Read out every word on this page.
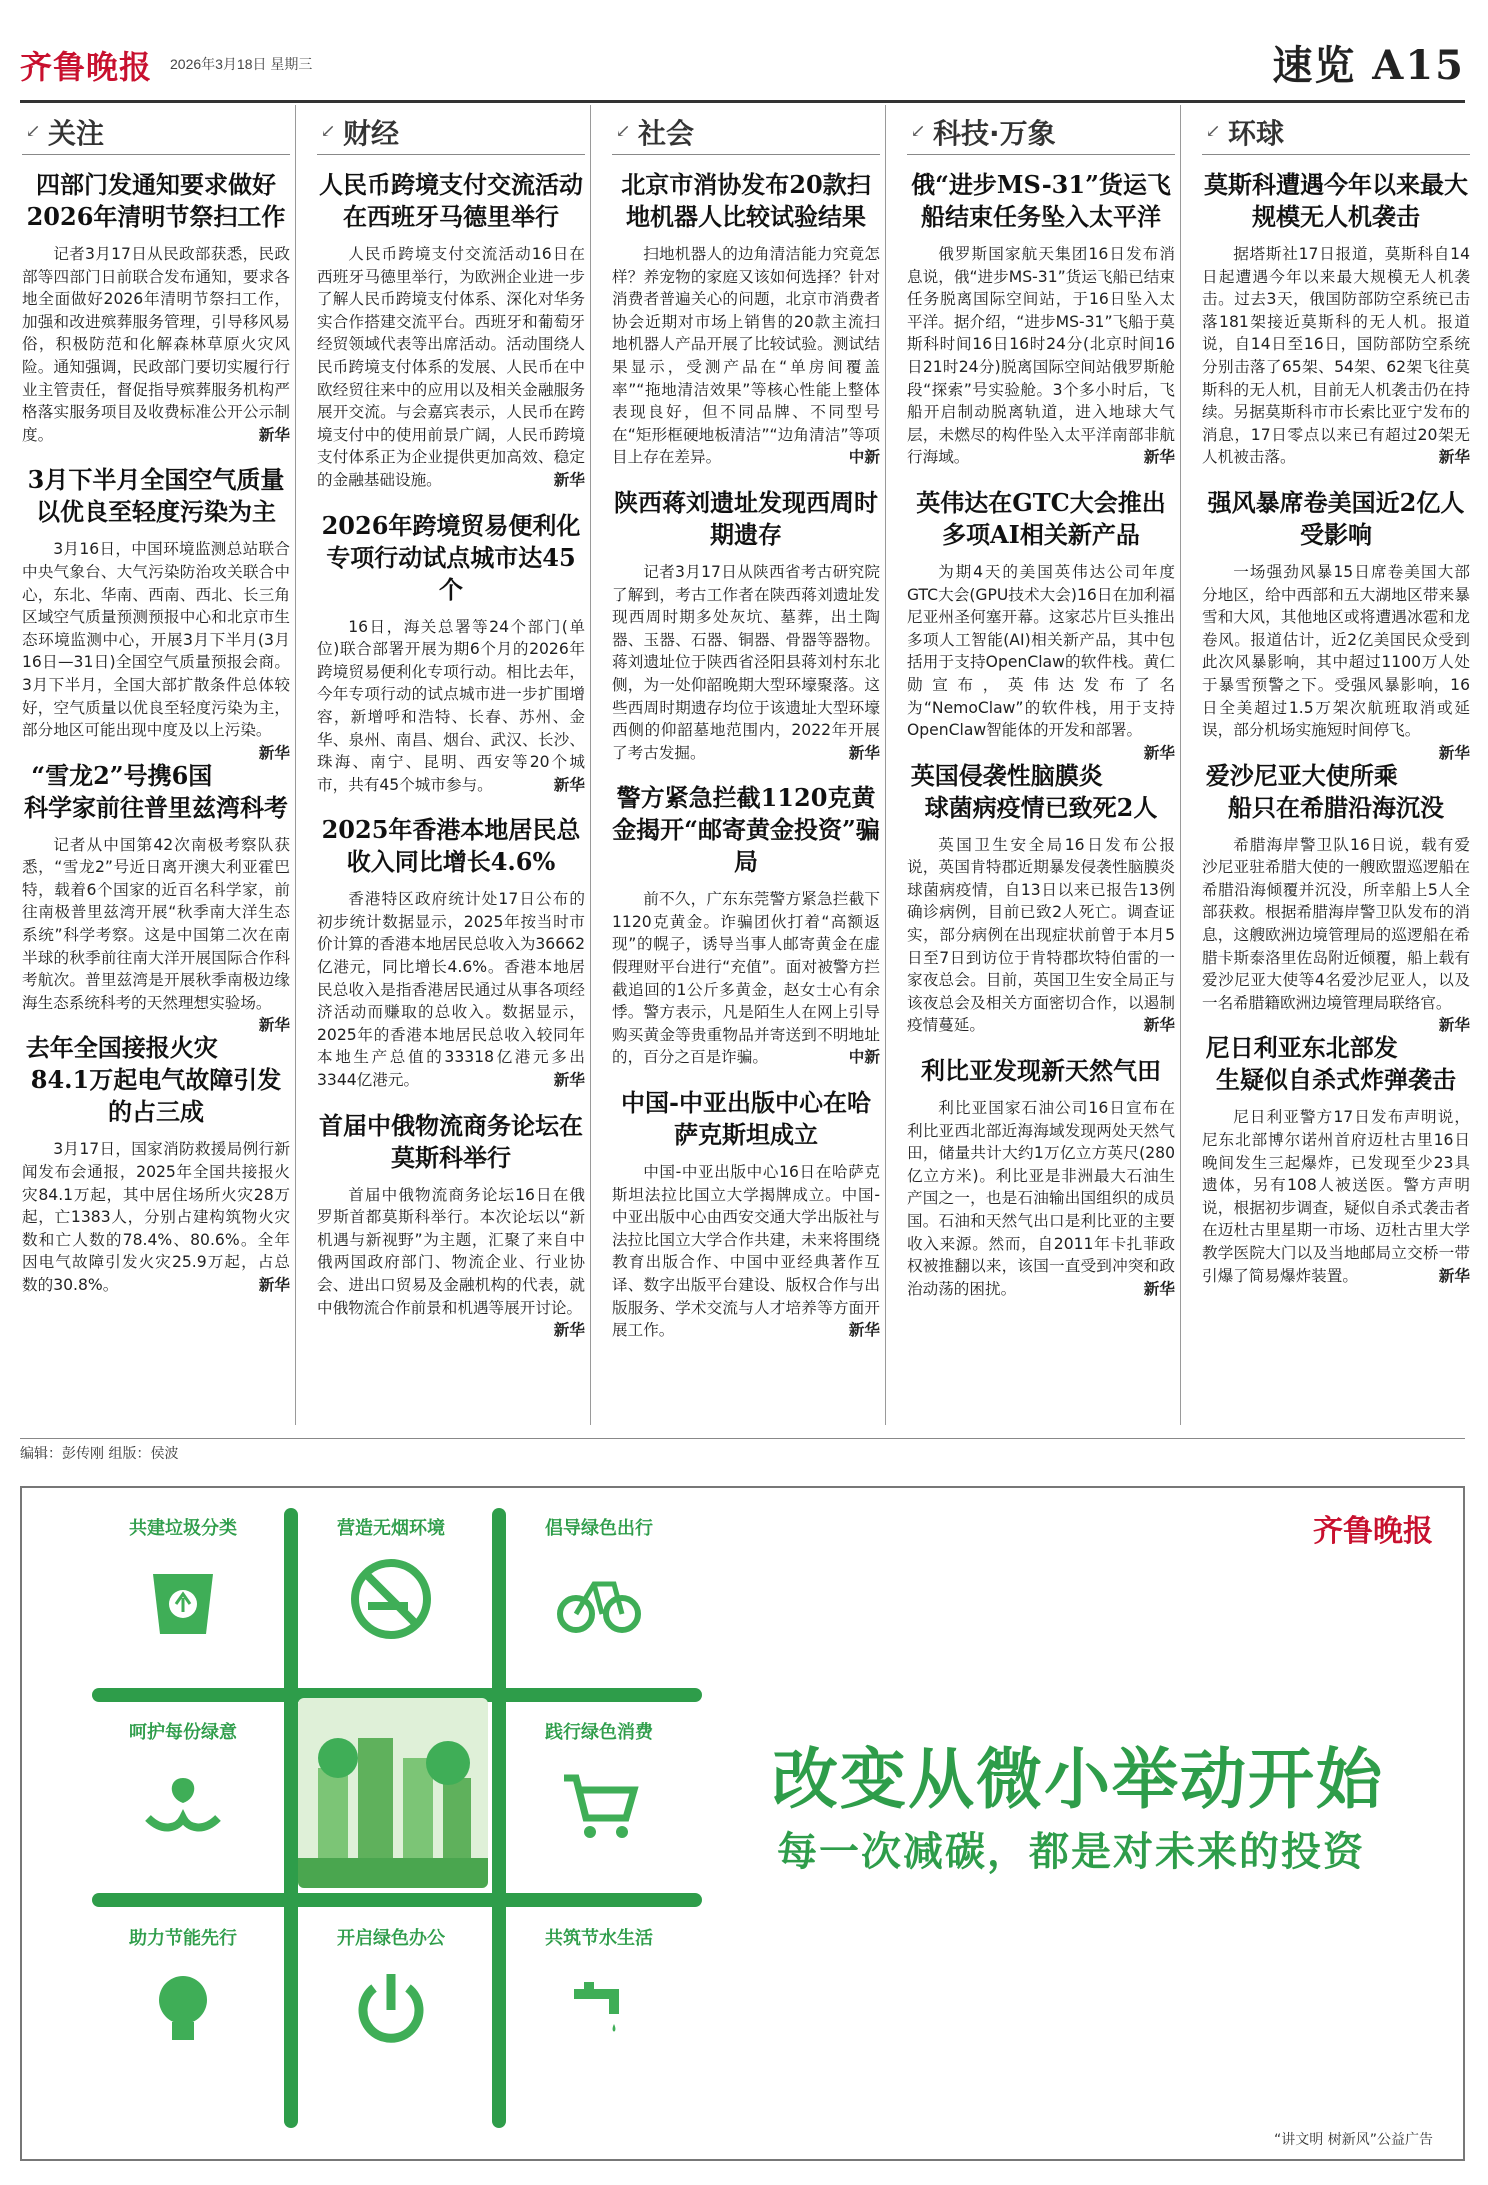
齐鲁晚报 2026年3月18日 星期三	速览 A15
↓ 关注
四部门发通知要求做好2026年清明节祭扫工作

记者3月17日从民政部获悉，民政部等四部门日前联合发布通知，要求各地全面做好2026年清明节祭扫工作，加强和改进殡葬服务管理，引导移风易俗，积极防范和化解森林草原火灾风险。通知强调，民政部门要切实履行行业主管责任，督促指导殡葬服务机构严格落实服务项目及收费标准公开公示制度。	新华

3月下半月全国空气质量以优良至轻度污染为主

3月16日，中国环境监测总站联合中央气象台、大气污染防治攻关联合中心，东北、华南、西南、西北、长三角区域空气质量预测预报中心和北京市生态环境监测中心，开展3月下半月(3月16日—31日)全国空气质量预报会商。3月下半月，全国大部扩散条件总体较好，空气质量以优良至轻度污染为主，部分地区可能出现中度及以上污染。
新华

“雪龙2”号携6国科学家前往普里兹湾科考

记者从中国第42次南极考察队获悉，“雪龙2”号近日离开澳大利亚霍巴特，载着6个国家的近百名科学家，前往南极普里兹湾开展“秋季南大洋生态系统”科学考察。这是中国第二次在南半球的秋季前往南大洋开展国际合作科考航次。普里兹湾是开展秋季南极边缘海生态系统科考的天然理想实验场。
新华

去年全国接报火灾84.1万起电气故障引发的占三成

3月17日，国家消防救援局例行新闻发布会通报，2025年全国共接报火灾84.1万起，其中居住场所火灾28万起，亡1383人，分别占建构筑物火灾数和亡人数的78.4%、80.6%。全年因电气故障引发火灾25.9万起，占总数的30.8%。	新华

↓ 财经
人民币跨境支付交流活动在西班牙马德里举行

人民币跨境支付交流活动16日在西班牙马德里举行，为欧洲企业进一步了解人民币跨境支付体系、深化对华务实合作搭建交流平台。西班牙和葡萄牙经贸领域代表等出席活动。活动围绕人民币跨境支付体系的发展、人民币在中欧经贸往来中的应用以及相关金融服务展开交流。与会嘉宾表示，人民币在跨境支付中的使用前景广阔，人民币跨境支付体系正为企业提供更加高效、稳定的金融基础设施。	新华

2026年跨境贸易便利化专项行动试点城市达45个

16日，海关总署等24个部门(单位)联合部署开展为期6个月的2026年跨境贸易便利化专项行动。相比去年，今年专项行动的试点城市进一步扩围增容，新增呼和浩特、长春、苏州、金华、泉州、南昌、烟台、武汉、长沙、珠海、南宁、昆明、西安等20个城市，共有45个城市参与。	新华

2025年香港本地居民总收入同比增长4.6%

香港特区政府统计处17日公布的初步统计数据显示，2025年按当时市价计算的香港本地居民总收入为36662亿港元，同比增长4.6%。香港本地居民总收入是指香港居民通过从事各项经济活动而赚取的总收入。数据显示，2025年的香港本地居民总收入较同年本地生产总值的33318亿港元多出3344亿港元。	新华

首届中俄物流商务论坛在莫斯科举行

首届中俄物流商务论坛16日在俄罗斯首都莫斯科举行。本次论坛以“新机遇与新视野”为主题，汇聚了来自中俄两国政府部门、物流企业、行业协会、进出口贸易及金融机构的代表，就中俄物流合作前景和机遇等展开讨论。
新华

↓ 社会
北京市消协发布20款扫地机器人比较试验结果

扫地机器人的边角清洁能力究竟怎样？养宠物的家庭又该如何选择？针对消费者普遍关心的问题，北京市消费者协会近期对市场上销售的20款主流扫地机器人产品开展了比较试验。测试结果显示，受测产品在“单房间覆盖率”“拖地清洁效果”等核心性能上整体表现良好，但不同品牌、不同型号在“矩形框硬地板清洁”“边角清洁”等项目上存在差异。	中新

陕西蒋刘遗址发现西周时期遗存

记者3月17日从陕西省考古研究院了解到，考古工作者在陕西蒋刘遗址发现西周时期多处灰坑、墓葬，出土陶器、玉器、石器、铜器、骨器等器物。蒋刘遗址位于陕西省泾阳县蒋刘村东北侧，为一处仰韶晚期大型环壕聚落。这些西周时期遗存均位于该遗址大型环壕西侧的仰韶墓地范围内，2022年开展了考古发掘。	新华

警方紧急拦截1120克黄金揭开“邮寄黄金投资”骗局

前不久，广东东莞警方紧急拦截下1120克黄金。诈骗团伙打着“高额返现”的幌子，诱导当事人邮寄黄金在虚假理财平台进行“充值”。面对被警方拦截追回的1公斤多黄金，赵女士心有余悸。警方表示，凡是陌生人在网上引导购买黄金等贵重物品并寄送到不明地址的，百分之百是诈骗。	中新

中国-中亚出版中心在哈萨克斯坦成立

中国-中亚出版中心16日在哈萨克斯坦法拉比国立大学揭牌成立。中国-中亚出版中心由西安交通大学出版社与法拉比国立大学合作共建，未来将围绕教育出版合作、中国中亚经典著作互译、数字出版平台建设、版权合作与出版服务、学术交流与人才培养等方面开展工作。	新华

↓ 科技·万象
俄“进步MS-31”货运飞船结束任务坠入太平洋

俄罗斯国家航天集团16日发布消息说，俄“进步MS-31”货运飞船已结束任务脱离国际空间站，于16日坠入太平洋。据介绍，“进步MS-31”飞船于莫斯科时间16日16时24分(北京时间16日21时24分)脱离国际空间站俄罗斯舱段“探索”号实验舱。3个多小时后，飞船开启制动脱离轨道，进入地球大气层，未燃尽的构件坠入太平洋南部非航行海域。	新华

英伟达在GTC大会推出多项AI相关新产品

为期4天的美国英伟达公司年度GTC大会(GPU技术大会)16日在加利福尼亚州圣何塞开幕。这家芯片巨头推出多项人工智能(AI)相关新产品，其中包括用于支持OpenClaw的软件栈。黄仁勋宣布，英伟达发布了名为“NemoClaw”的软件栈，用于支持OpenClaw智能体的开发和部署。
新华

英国侵袭性脑膜炎球菌病疫情已致死2人

英国卫生安全局16日发布公报说，英国肯特郡近期暴发侵袭性脑膜炎球菌病疫情，自13日以来已报告13例确诊病例，目前已致2人死亡。调查证实，部分病例在出现症状前曾于本月5日至7日到访位于肯特郡坎特伯雷的一家夜总会。目前，英国卫生安全局正与该夜总会及相关方面密切合作，以遏制疫情蔓延。	新华

利比亚发现新天然气田

利比亚国家石油公司16日宣布在利比亚西北部近海海域发现两处天然气田，储量共计大约1万亿立方英尺(280亿立方米)。利比亚是非洲最大石油生产国之一，也是石油输出国组织的成员国。石油和天然气出口是利比亚的主要收入来源。然而，自2011年卡扎菲政权被推翻以来，该国一直受到冲突和政治动荡的困扰。	新华

↓ 环球
莫斯科遭遇今年以来最大规模无人机袭击

据塔斯社17日报道，莫斯科自14日起遭遇今年以来最大规模无人机袭击。过去3天，俄国防部防空系统已击落181架接近莫斯科的无人机。报道说，自14日至16日，国防部防空系统分别击落了65架、54架、62架飞往莫斯科的无人机，目前无人机袭击仍在持续。另据莫斯科市市长索比亚宁发布的消息，17日零点以来已有超过20架无人机被击落。	新华

强风暴席卷美国近2亿人受影响

一场强劲风暴15日席卷美国大部分地区，给中西部和五大湖地区带来暴雪和大风，其他地区或将遭遇冰雹和龙卷风。报道估计，近2亿美国民众受到此次风暴影响，其中超过1100万人处于暴雪预警之下。受强风暴影响，16日全美超过1.5万架次航班取消或延误，部分机场实施短时间停飞。
新华

爱沙尼亚大使所乘船只在希腊沿海沉没

希腊海岸警卫队16日说，载有爱沙尼亚驻希腊大使的一艘欧盟巡逻船在希腊沿海倾覆并沉没，所幸船上5人全部获救。根据希腊海岸警卫队发布的消息，这艘欧洲边境管理局的巡逻船在希腊卡斯泰洛里佐岛附近倾覆，船上载有爱沙尼亚大使等4名爱沙尼亚人，以及一名希腊籍欧洲边境管理局联络官。
新华

尼日利亚东北部发生疑似自杀式炸弹袭击

尼日利亚警方17日发布声明说，尼东北部博尔诺州首府迈杜古里16日晚间发生三起爆炸，已发现至少23具遗体，另有108人被送医。警方声明说，根据初步调查，疑似自杀式袭击者在迈杜古里星期一市场、迈杜古里大学教学医院大门以及当地邮局立交桥一带引爆了简易爆炸装置。	新华

编辑：彭传刚 组版：侯波
齐鲁晚报
共建垃圾分类	营造无烟环境	倡导绿色出行
呵护每份绿意	践行绿色消费
助力节能先行	开启绿色办公	共筑节水生活
改变从微小举动开始
每一次减碳，都是对未来的投资
“讲文明 树新风”公益广告
